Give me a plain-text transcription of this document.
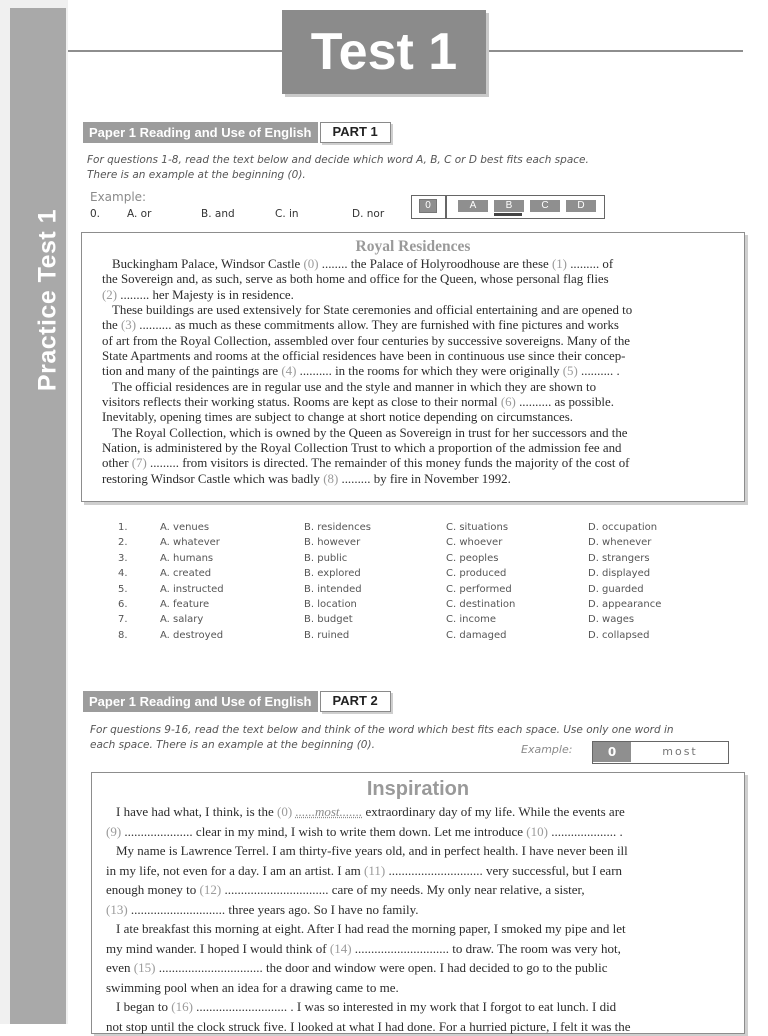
Practice Test 1
Test 1
Paper 1 Reading and Use of English	PART 1
For questions 1-8, read the text below and decide which word A, B, C or D best fits each space.
There is an example at the beginning (0).
Example:
0.	A. or	B. and	C. in	D. nor
0	A	B	C	D
Royal Residences

Buckingham Palace, Windsor Castle (0) ........ the Palace of Holyroodhouse are these (1) ......... of
the Sovereign and, as such, serve as both home and office for the Queen, whose personal flag flies
(2) ......... her Majesty is in residence.

These buildings are used extensively for State ceremonies and official entertaining and are opened to
the (3) .......... as much as these commitments allow. They are furnished with fine pictures and works
of art from the Royal Collection, assembled over four centuries by successive sovereigns. Many of the
State Apartments and rooms at the official residences have been in continuous use since their concep-
tion and many of the paintings are (4) .......... in the rooms for which they were originally (5) .......... .

The official residences are in regular use and the style and manner in which they are shown to
visitors reflects their working status. Rooms are kept as close to their normal (6) .......... as possible.
Inevitably, opening times are subject to change at short notice depending on circumstances.

The Royal Collection, which is owned by the Queen as Sovereign in trust for her successors and the
Nation, is administered by the Royal Collection Trust to which a proportion of the admission fee and
other (7) ......... from visitors is directed. The remainder of this money funds the majority of the cost of
restoring Windsor Castle which was badly (8) ......... by fire in November 1992.

1.	A. venues	B. residences	C. situations	D. occupation
2.	A. whatever	B. however	C. whoever	D. whenever
3.	A. humans	B. public	C. peoples	D. strangers
4.	A. created	B. explored	C. produced	D. displayed
5.	A. instructed	B. intended	C. performed	D. guarded
6.	A. feature	B. location	C. destination	D. appearance
7.	A. salary	B. budget	C. income	D. wages
8.	A. destroyed	B. ruined	C. damaged	D. collapsed
Paper 1 Reading and Use of English	PART 2
For questions 9-16, read the text below and think of the word which best fits each space. Use only one word in
each space. There is an example at the beginning (0).	Example:	0	most
Inspiration

I have had what, I think, is the (0) ......most....... extraordinary day of my life. While the events are
(9) ..................... clear in my mind, I wish to write them down. Let me introduce (10) .................... .

My name is Lawrence Terrel. I am thirty-five years old, and in perfect health. I have never been ill
in my life, not even for a day. I am an artist. I am (11) ............................. very successful, but I earn
enough money to (12) ................................ care of my needs. My only near relative, a sister,
(13) ............................. three years ago. So I have no family.

I ate breakfast this morning at eight. After I had read the morning paper, I smoked my pipe and let
my mind wander. I hoped I would think of (14) ............................. to draw. The room was very hot,
even (15) ................................ the door and window were open. I had decided to go to the public
swimming pool when an idea for a drawing came to me.

I began to (16) ............................ . I was so interested in my work that I forgot to eat lunch. I did
not stop until the clock struck five. I looked at what I had done. For a hurried picture, I felt it was the
